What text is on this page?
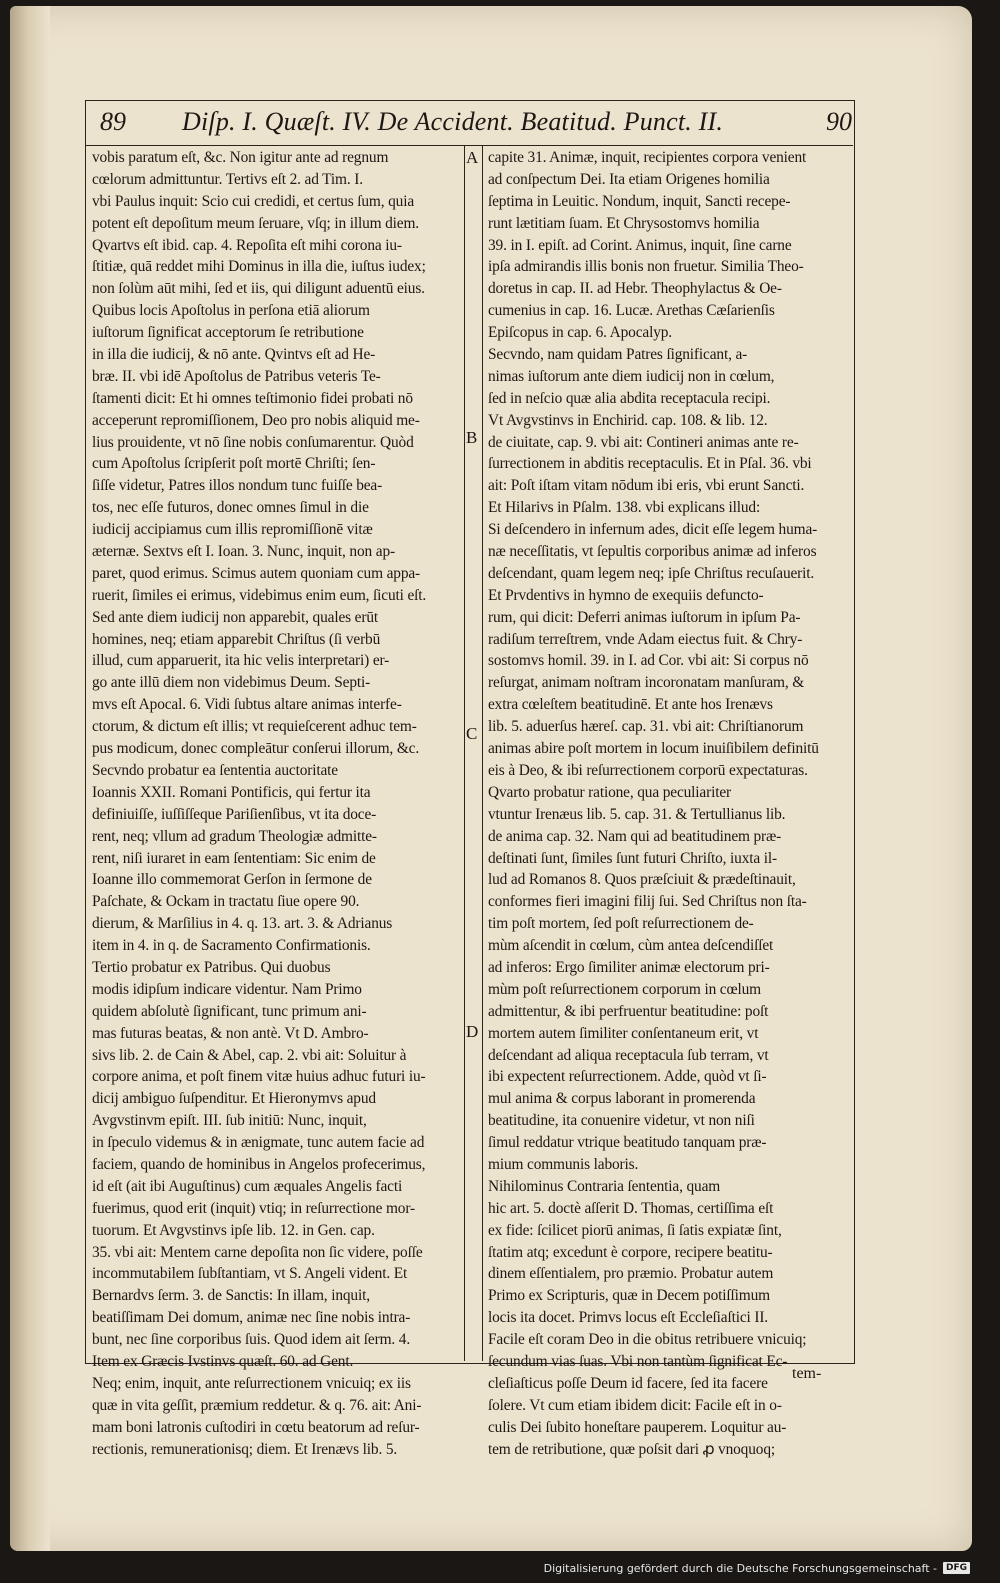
89	Diſp. I. Quæſt. IV. De Accident. Beatitud. Punct. II.	90
A
B
C
D
vobis paratum eſt, &c. Non igitur ante ad regnum
cœlorum admittuntur. Tertivs eſt 2. ad Tim. I.
vbi Paulus inquit: Scio cui credidi, et certus ſum, quia
potent eſt depoſitum meum ſeruare, vſq; in illum diem.
Qvartvs eſt ibid. cap. 4. Repoſita eſt mihi corona iu-
ſtitiæ, quā reddet mihi Dominus in illa die, iuſtus iudex;
non ſolùm aūt mihi, ſed et iis, qui diligunt aduentū eius.
Quibus locis Apoſtolus in perſona etiā aliorum
iuſtorum ſignificat acceptorum ſe retributione
in illa die iudicij, & nō ante. Qvintvs eſt ad He-
bræ. II. vbi idē Apoſtolus de Patribus veteris Te-
ſtamenti dicit: Et hi omnes teſtimonio fidei probati nō
acceperunt repromiſſionem, Deo pro nobis aliquid me-
lius prouidente, vt nō ſine nobis conſumarentur. Quòd
cum Apoſtolus ſcripſerit poſt mortē Chriſti; ſen-
ſiſſe videtur, Patres illos nondum tunc fuiſſe bea-
tos, nec eſſe futuros, donec omnes ſimul in die
iudicij accipiamus cum illis repromiſſionē vitæ
æternæ. Sextvs eſt I. Ioan. 3. Nunc, inquit, non ap-
paret, quod erimus. Scimus autem quoniam cum appa-
ruerit, ſimiles ei erimus, videbimus enim eum, ſicuti eſt.
Sed ante diem iudicij non apparebit, quales erūt
homines, neq; etiam apparebit Chriſtus (ſi verbū
illud, cum apparuerit, ita hic velis interpretari) er-
go ante illū diem non videbimus Deum. Septi-
mvs eſt Apocal. 6. Vidi ſubtus altare animas interfe-
ctorum, & dictum eſt illis; vt requieſcerent adhuc tem-
pus modicum, donec compleātur conſerui illorum, &c.
Secvndo probatur ea ſententia auctoritate
Ioannis XXII. Romani Pontificis, qui fertur ita
definiuiſſe, iuſſiſſeque Pariſienſibus, vt ita doce-
rent, neq; vllum ad gradum Theologiæ admitte-
rent, niſi iuraret in eam ſententiam: Sic enim de
Ioanne illo commemorat Gerſon in ſermone de
Paſchate, & Ockam in tractatu ſiue opere 90.
dierum, & Marſilius in 4. q. 13. art. 3. & Adrianus
item in 4. in q. de Sacramento Confirmationis.
Tertio probatur ex Patribus. Qui duobus
modis idipſum indicare videntur. Nam Primo
quidem abſolutè ſignificant, tunc primum ani-
mas futuras beatas, & non antè. Vt D. Ambro-
sivs lib. 2. de Cain & Abel, cap. 2. vbi ait: Soluitur à
corpore anima, et poſt finem vitæ huius adhuc futuri iu-
dicij ambiguo ſuſpenditur. Et Hieronymvs apud
Avgvstinvm epiſt. III. ſub initiū: Nunc, inquit,
in ſpeculo videmus & in ænigmate, tunc autem facie ad
faciem, quando de hominibus in Angelos profecerimus,
id eſt (ait ibi Auguſtinus) cum æquales Angelis facti
fuerimus, quod erit (inquit) vtiq; in reſurrectione mor-
tuorum. Et Avgvstinvs ipſe lib. 12. in Gen. cap.
35. vbi ait: Mentem carne depoſita non ſic videre, poſſe
incommutabilem ſubſtantiam, vt S. Angeli vident. Et
Bernardvs ſerm. 3. de Sanctis: In illam, inquit,
beatiſſimam Dei domum, animæ nec ſine nobis intra-
bunt, nec ſine corporibus ſuis. Quod idem ait ſerm. 4.
Item ex Græcis Ivstinvs quæſt. 60. ad Gent.
Neq; enim, inquit, ante reſurrectionem vnicuiq; ex iis
quæ in vita geſſit, præmium reddetur. & q. 76. ait: Ani-
mam boni latronis cuſtodiri in cœtu beatorum ad reſur-
rectionis, remunerationisq; diem. Et Irenævs lib. 5.
capite 31. Animæ, inquit, recipientes corpora venient
ad conſpectum Dei. Ita etiam Origenes homilia
ſeptima in Leuitic. Nondum, inquit, Sancti recepe-
runt lætitiam ſuam. Et Chrysostomvs homilia
39. in I. epiſt. ad Corint. Animus, inquit, ſine carne
ipſa admirandis illis bonis non fruetur. Similia Theo-
doretus in cap. II. ad Hebr. Theophylactus & Oe-
cumenius in cap. 16. Lucæ. Arethas Cæſarienſis
Epiſcopus in cap. 6. Apocalyp.
Secvndo, nam quidam Patres ſignificant, a-
nimas iuſtorum ante diem iudicij non in cœlum,
ſed in neſcio quæ alia abdita receptacula recipi.
Vt Avgvstinvs in Enchirid. cap. 108. & lib. 12.
de ciuitate, cap. 9. vbi ait: Contineri animas ante re-
ſurrectionem in abditis receptaculis. Et in Pſal. 36. vbi
ait: Poſt iſtam vitam nōdum ibi eris, vbi erunt Sancti.
Et Hilarivs in Pſalm. 138. vbi explicans illud:
Si deſcendero in infernum ades, dicit eſſe legem huma-
næ neceſſitatis, vt ſepultis corporibus animæ ad inferos
deſcendant, quam legem neq; ipſe Chriſtus recuſauerit.
Et Prvdentivs in hymno de exequiis defuncto-
rum, qui dicit: Deferri animas iuſtorum in ipſum Pa-
radiſum terreſtrem, vnde Adam eiectus fuit. & Chry-
sostomvs homil. 39. in I. ad Cor. vbi ait: Si corpus nō
reſurgat, animam noſtram incoronatam manſuram, &
extra cœleſtem beatitudinē. Et ante hos Irenævs
lib. 5. aduerſus hæreſ. cap. 31. vbi ait: Chriſtianorum
animas abire poſt mortem in locum inuiſibilem definitū
eis à Deo, & ibi reſurrectionem corporū expectaturas.
Qvarto probatur ratione, qua peculiariter
vtuntur Irenæus lib. 5. cap. 31. & Tertullianus lib.
de anima cap. 32. Nam qui ad beatitudinem præ-
deſtinati ſunt, ſimiles ſunt futuri Chriſto, iuxta il-
lud ad Romanos 8. Quos præſciuit & prædeſtinauit,
conformes fieri imagini filij ſui. Sed Chriſtus non ſta-
tim poſt mortem, ſed poſt reſurrectionem de-
mùm aſcendit in cœlum, cùm antea deſcendiſſet
ad inferos: Ergo ſimiliter animæ electorum pri-
mùm poſt reſurrectionem corporum in cœlum
admittentur, & ibi perfruentur beatitudine: poſt
mortem autem ſimiliter conſentaneum erit, vt
deſcendant ad aliqua receptacula ſub terram, vt
ibi expectent reſurrectionem. Adde, quòd vt ſi-
mul anima & corpus laborant in promerenda
beatitudine, ita conuenire videtur, vt non niſi
ſimul reddatur vtrique beatitudo tanquam præ-
mium communis laboris.
Nihilominus Contraria ſententia, quam
hic art. 5. doctè aſſerit D. Thomas, certiſſima eſt
ex fide: ſcilicet piorū animas, ſi ſatis expiatæ ſint,
ſtatim atq; excedunt è corpore, recipere beatitu-
dinem eſſentialem, pro præmio. Probatur autem
Primo ex Scripturis, quæ in Decem potiſſimum
locis ita docet. Primvs locus eſt Eccleſiaſtici II.
Facile eſt coram Deo in die obitus retribuere vnicuiq;
ſecundum vias ſuas. Vbi non tantùm ſignificat Ec-
cleſiaſticus poſſe Deum id facere, ſed ita facere
ſolere. Vt cum etiam ibidem dicit: Facile eſt in o-
culis Dei ſubito honeſtare pauperem. Loquitur au-
tem de retributione, quæ poſsit dari ꝓ vnoquoq;
tem-
Digitalisierung gefördert durch die Deutsche Forschungsgemeinschaft -	DFG
